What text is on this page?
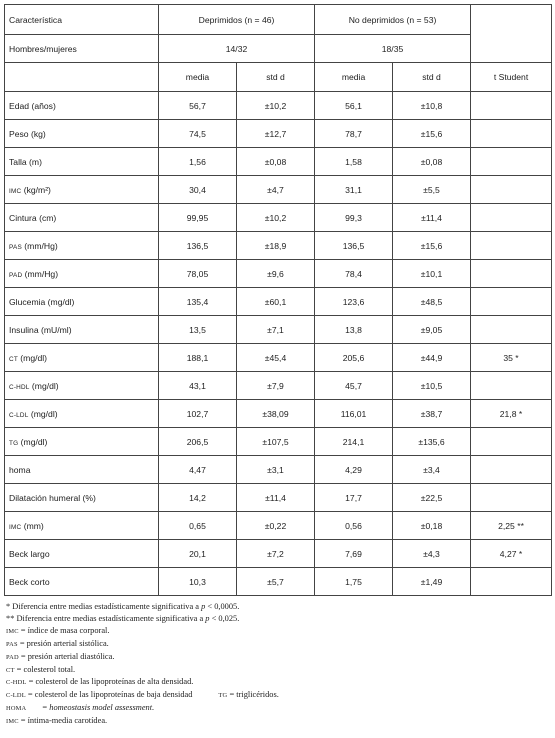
Característica	Deprimidos (n = 46)		No deprimidos (n = 53)		
Hombres/mujeres	14/32		18/35		
	media	std d	media	std d	t Student
Edad (años)	56,7	±10,2	56,1	±10,8	
Peso (kg)	74,5	±12,7	78,7	±15,6	
Talla (m)	1,56	±0,08	1,58	±0,08	
IMC (kg/m²)	30,4	±4,7	31,1	±5,5	
Cintura (cm)	99,95	±10,2	99,3	±11,4	
PAS (mm/Hg)	136,5	±18,9	136,5	±15,6	
PAD (mm/Hg)	78,05	±9,6	78,4	±10,1	
Glucemia (mg/dl)	135,4	±60,1	123,6	±48,5	
Insulina (mU/ml)	13,5	±7,1	13,8	±9,05	
CT (mg/dl)	188,1	±45,4	205,6	±44,9	35 *
C-HDL (mg/dl)	43,1	±7,9	45,7	±10,5	
C-LDL (mg/dl)	102,7	±38,09	116,01	±38,7	21,8 *
TG (mg/dl)	206,5	±107,5	214,1	±135,6	
homa	4,47	±3,1	4,29	±3,4	
Dilatación humeral (%)	14,2	±11,4	17,7	±22,5	
IMC (mm)	0,65	±0,22	0,56	±0,18	2,25 **
Beck largo	20,1	±7,2	7,69	±4,3	4,27 *
Beck corto	10,3	±5,7	1,75	±1,49	
* Diferencia entre medias estadísticamente significativa a p < 0,0005.
** Diferencia entre medias estadísticamente significativa a p < 0,025.
IMC = índice de masa corporal.
PAS = presión arterial sistólica.
PAD = presión arterial diastólica.
CT = colesterol total.
C-HDL = colesterol de las lipoproteínas de alta densidad.
C-LDL = colesterol de las lipoproteínas de baja densidad	TG = triglicéridos.
HOMA = homeostasis model assessment.
IMC = íntima-media carotídea.
